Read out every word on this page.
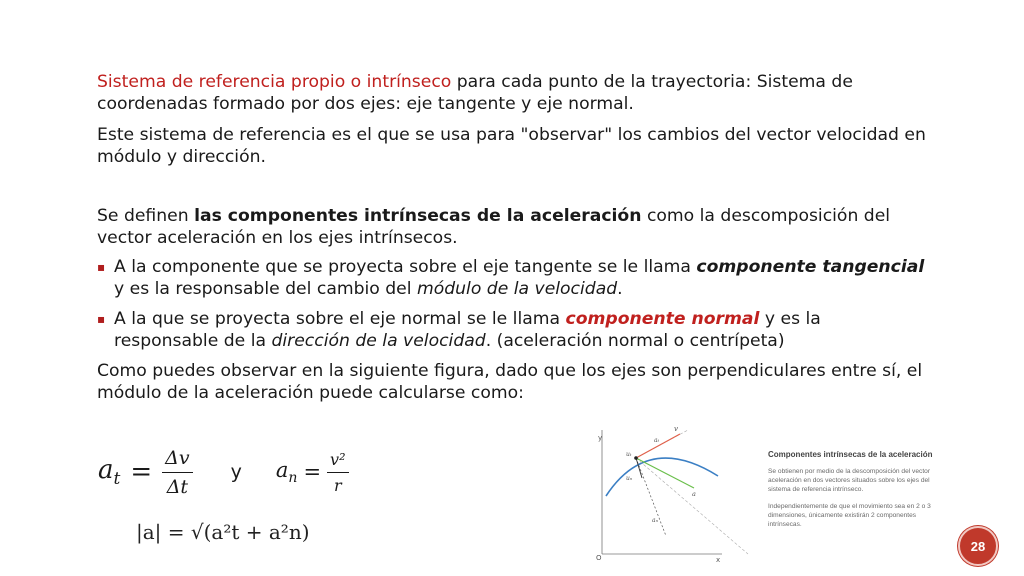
Sistema de referencia propio o intrínseco para cada punto de la trayectoria: Sistema de coordenadas formado por dos ejes: eje tangente y eje normal.

Este sistema de referencia es el que se usa para "observar" los cambios del vector velocidad en módulo y dirección.

Se definen las componentes intrínsecas de la aceleración como la descomposición del vector aceleración en los ejes intrínsecos.

▪ A la componente que se proyecta sobre el eje tangente se le llama componente tangencial y es la responsable del cambio del módulo de la velocidad.
▪ A la que se proyecta sobre el eje normal se le llama componente normal y es la responsable de la dirección de la velocidad. (aceleración normal o centrípeta)

Como puedes observar en la siguiente figura, dado que los ejes son perpendiculares entre sí, el módulo de la aceleración puede calcularse como:

$a_t = \frac{\Delta v}{\Delta t}$ y $a_n = \frac{\text{v²}}{r}$
|a| = √(a²t + a²n)
y
x
O
v
aₜ
uₜ
uₙ
a
aₙ
Componentes intrínsecas de la aceleración
Se obtienen por medio de la descomposición del vector aceleración en dos vectores situados sobre los ejes del sistema de referencia intrínseco.
Independientemente de que el movimiento sea en 2 o 3 dimensiones, únicamente existirán 2 componentes intrínsecas.
28
